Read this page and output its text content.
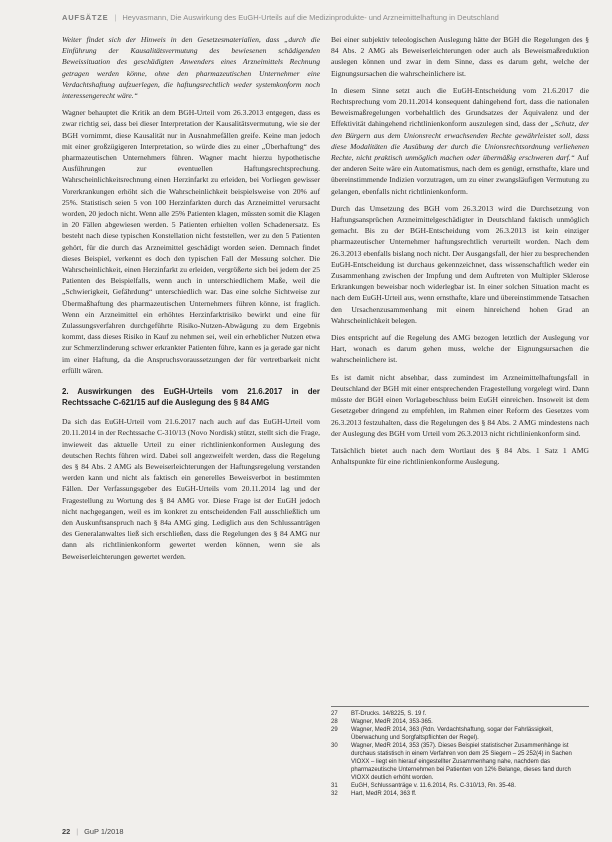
AUFSÄTZE | Heyvasmann, Die Auswirkung des EuGH-Urteils auf die Medizinprodukte- und Arzneimittelhaftung in Deutschland

Weiter findet sich der Hinweis in den Gesetzesmaterialien, dass „durch die Einführung der Kausalitätsvermutung des bewiesenen schädigenden Beweissituation des geschädigten Anwenders eines Arzneimittels Rechnung getragen werden könne, ohne den pharmazeutischen Unternehmer eine Verdachtshaftung aufzuerlegen, die haftungsrechtlich weder systemkonform noch interessengerecht wäre.“

Wagner behauptet die Kritik an dem BGH-Urteil vom 26.3.2013 entgegen, dass es zwar richtig sei, dass bei dieser Interpretation der Kausalitätsvermutung, wie sie der BGH vornimmt, diese Kausalität nur in Ausnahmefällen greife. Keine man jedoch mit einer großzügigeren Interpretation, so würde dies zu einer „Überhaftung“ des pharmazeutischen Unternehmers führen. Wagner macht hierzu hypothetische Ausführungen zur eventuellen Haftungsrechtsprechung. Wahrscheinlichkeitsrechnung einen Herzinfarkt zu erleiden, bei Vorliegen gewisser Vorerkrankungen erhöht sich die Wahrscheinlichkeit beispielsweise von 20% auf 25%. Statistisch seien 5 von 100 Herzinfarkten durch das Arzneimittel verursacht worden, 20 jedoch nicht. Wenn alle 25% Patienten klagen, müssten somit die Klagen in 20 Fällen abgewiesen werden. 5 Patienten erhielten vollen Schadenersatz. Es besteht nach diese typischen Konstellation nicht feststellen, wer zu den 5 Patienten gehört, für die durch das Arzneimittel geschädigt worden seien. Demnach findet dieses Beispiel, verkennt es doch den typischen Fall der Messung solcher. Die Wahrscheinlichkeit, einen Herzinfarkt zu erleiden, vergrößerte sich bei jedem der 25 Patienten des Beispielfalls, wenn auch in unterschiedlichem Maße, weil die „Schwierigkeit, Gefährdung“ unterschiedlich war. Das eine solche Sichtweise zur Übermaßhaftung des pharmazeutischen Unternehmers führen könne, ist fraglich. Wenn ein Arzneimittel ein erhöhtes Herzinfarktrisiko bewirkt und eine für Zulassungsverfahren durchgeführte Risiko-Nutzen-Abwägung zu dem Ergebnis kommt, dass dieses Risiko in Kauf zu nehmen sei, weil ein erheblicher Nutzen etwa zur Schmerzlinderung schwer erkrankter Patienten führe, kann es ja gerade gar nicht im einer Haftung, da die Anspruchsvoraussetzungen der für vertretbarkeit nicht erfüllt wären.

2. Auswirkungen des EuGH-Urteils vom 21.6.2017 in der Rechtssache C-621/15 auf die Auslegung des § 84 AMG

Da sich das EuGH-Urteil vom 21.6.2017 nach auch auf das EuGH-Urteil vom 20.11.2014 in der Rechtssache C-310/13 (Novo Nordisk) stützt, stellt sich die Frage, inwieweit das aktuelle Urteil zu einer richtlinienkonformen Auslegung des deutschen Rechts führen wird. Dabei soll angezweifelt werden, dass die Regelung des § 84 Abs. 2 AMG als Beweiserleichterungen der Haftungsregelung verstanden werden kann und nicht als faktisch ein generelles Beweisverbot in bestimmten Fällen. Der Verfassungsgeber des EuGH-Urteils vom 20.11.2014 lag und der Fragestellung zu Wortung des § 84 AMG vor. Diese Frage ist der EuGH jedoch nicht nachgegangen, weil es im konkret zu entscheidenden Fall ausschließlich um den Auskunftsanspruch nach § 84a AMG ging. Lediglich aus den Schlussanträgen des Generalanwaltes ließ sich erschließen, dass die Regelungen des § 84 AMG nur dann als richtlinienkonform gewertet werden können, wenn sie als Beweiserleichterungen gewertet werden.

Bei einer subjektiv teleologischen Auslegung hätte der BGH die Regelungen des § 84 Abs. 2 AMG als Beweiserleichterungen oder auch als Beweismaßreduktion auslegen können und zwar in dem Sinne, dass es darum geht, welche der Eignungsursachen die wahrscheinlichere ist.

In diesem Sinne setzt auch die EuGH-Entscheidung vom 21.6.2017 die Rechtsprechung vom 20.11.2014 konsequent dahingehend fort, dass die nationalen Beweismaßregelungen vorbehaltlich des Grundsatzes der Äquivalenz und der Effektivität dahingehend richtlinienkonform auszulegen sind, dass der „Schutz, der den Bürgern aus dem Unionsrecht erwachsenden Rechte gewährleistet soll, dass diese Modalitäten die Ausübung der durch die Unionsrechtsordnung verliehenen Rechte, nicht praktisch unmöglich machen oder übermäßig erschweren darf.“ Auf der anderen Seite wäre ein Automatismus, nach dem es genügt, ernsthafte, klare und übereinstimmende Indizien vorzutragen, um zu einer zwangsläufigen Vermutung zu gelangen, ebenfalls nicht richtlinienkonform.

Durch das Umsetzung des BGH vom 26.3.2013 wird die Durchsetzung von Haftungsansprüchen Arzneimittelgeschädigter in Deutschland faktisch unmöglich gemacht. Bis zu der BGH-Entscheidung vom 26.3.2013 ist kein einziger pharmazeutischer Unternehmer haftungsrechtlich verurteilt worden. Nach dem 26.3.2013 ebenfalls bislang noch nicht. Der Ausgangsfall, der hier zu besprechenden EuGH-Entscheidung ist durchaus gekennzeichnet, dass wissenschaftlich weder ein Zusammenhang zwischen der Impfung und dem Auftreten von Multipler Sklerose Erkrankungen beweisbar noch widerlegbar ist. In einer solchen Situation macht es nach dem EuGH-Urteil aus, wenn ernsthafte, klare und übereinstimmende Tatsachen den Ursachenzusammenhang mit einem hinreichend hohen Grad an Wahrscheinlichkeit belegen.

Dies entspricht auf die Regelung des AMG bezogen letztlich der Auslegung vor Hart, wonach es darum gehen muss, welche der Eignungsursachen die wahrscheinlichere ist.

Es ist damit nicht absehbar, dass zumindest im Arzneimittelhaftungsfall in Deutschland der BGH mit einer entsprechenden Fragestellung vorgelegt wird. Dann müsste der BGH einen Vorlagebeschluss beim EuGH einreichen. Insoweit ist dem Gesetzgeber dringend zu empfehlen, im Rahmen einer Reform des Gesetzes vom 26.3.2013 festzuhalten, dass die Regelungen des § 84 Abs. 2 AMG mindestens nach der Auslegung des BGH vom Urteil vom 26.3.2013 nicht richtlinienkonform sind.

Tatsächlich bietet auch nach dem Wortlaut des § 84 Abs. 1 Satz 1 AMG Anhaltspunkte für eine richtlinienkonforme Auslegung.

27	BT-Drucks. 14/8225, S. 19 f.
28	Wagner, MedR 2014, 353-365.
29	Wagner, MedR 2014, 363 (Rdn. Verdachtshaftung, sogar der Fahrlässigkeit, Überwachung und Sorgfaltspflichten der Regel).
30	Wagner, MedR 2014, 353 (357). Dieses Beispiel statistischer Zusammenhänge ist durchaus statistisch in einem Verfahren von dem 25 Siegern – 25 252(4) in Sachen VIOXX – liegt ein hierauf eingestellter Zusammenhang nahe, nachdem das pharmazeutische Unternehmen bei Patienten von 12% Belange, dieses fand durch VIOXX deutlich erhöht worden.
31	EuGH, Schlussanträge v. 11.6.2014, Rs. C-310/13, Rn. 35-48.
32	Hart, MedR 2014, 363 ff.
22 | GuP 1/2018
